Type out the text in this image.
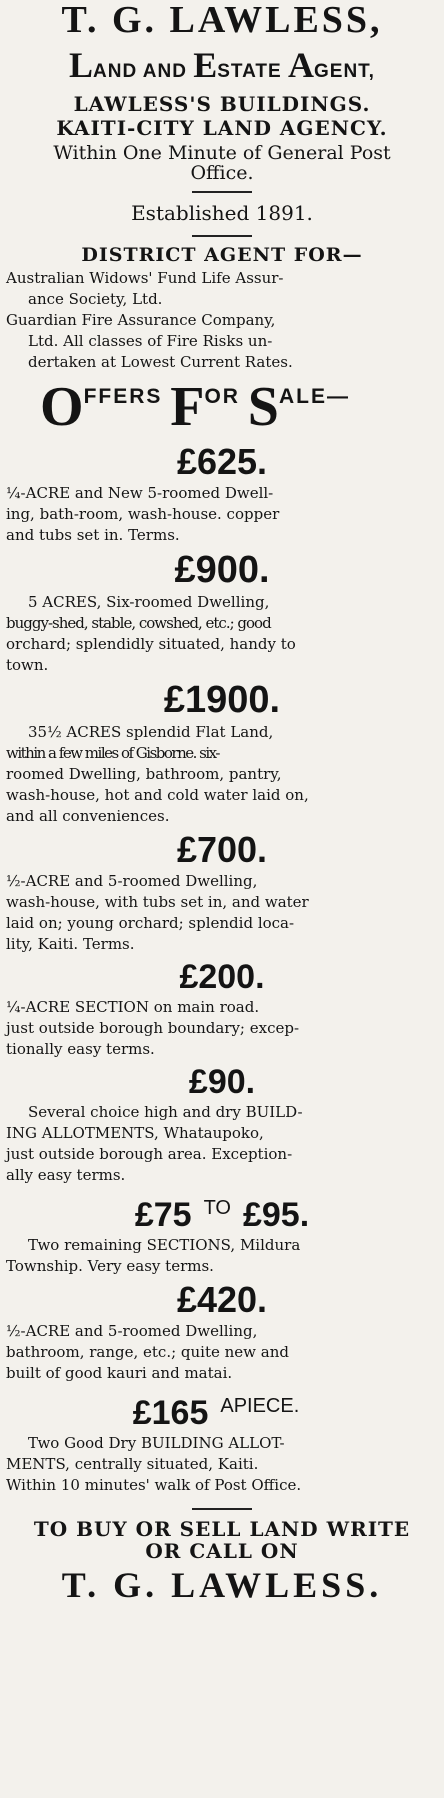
T. G. LAWLESS,
LAND AND ESTATE AGENT,
LAWLESS'S BUILDINGS.
KAITI-CITY LAND AGENCY.
Within One Minute of General Post
Office.
Established 1891.
DISTRICT AGENT FOR—
Australian Widows' Fund Life Assur-
ance Society, Ltd.
Guardian Fire Assurance Company,
Ltd. All classes of Fire Risks un-
dertaken at Lowest Current Rates.
OFFERS FOR SALE—
£625.
¼-ACRE and New 5-roomed Dwell-
ing, bath-room, wash-house. copper
and tubs set in. Terms.
£900.
5 ACRES, Six-roomed Dwelling,
buggy-shed, stable, cowshed, etc.; good
orchard; splendidly situated, handy to
town.
£1900.
35½ ACRES splendid Flat Land,
within a few miles of Gisborne. six-
roomed Dwelling, bathroom, pantry,
wash-house, hot and cold water laid on,
and all conveniences.
£700.
½-ACRE and 5-roomed Dwelling,
wash-house, with tubs set in, and water
laid on; young orchard; splendid loca-
lity, Kaiti. Terms.
£200.
¼-ACRE SECTION on main road.
just outside borough boundary; excep-
tionally easy terms.
£90.
Several choice high and dry BUILD-
ING ALLOTMENTS, Whataupoko,
just outside borough area. Exception-
ally easy terms.
£75 $^{TO}$ £95.
Two remaining SECTIONS, Mildura
Township. Very easy terms.
£420.
½-ACRE and 5-roomed Dwelling,
bathroom, range, etc.; quite new and
built of good kauri and matai.
£165 $^{APIECE.}$
Two Good Dry BUILDING ALLOT-
MENTS, centrally situated, Kaiti.
Within 10 minutes' walk of Post Office.
TO BUY OR SELL LAND WRITE
OR CALL ON
T. G. LAWLESS.
